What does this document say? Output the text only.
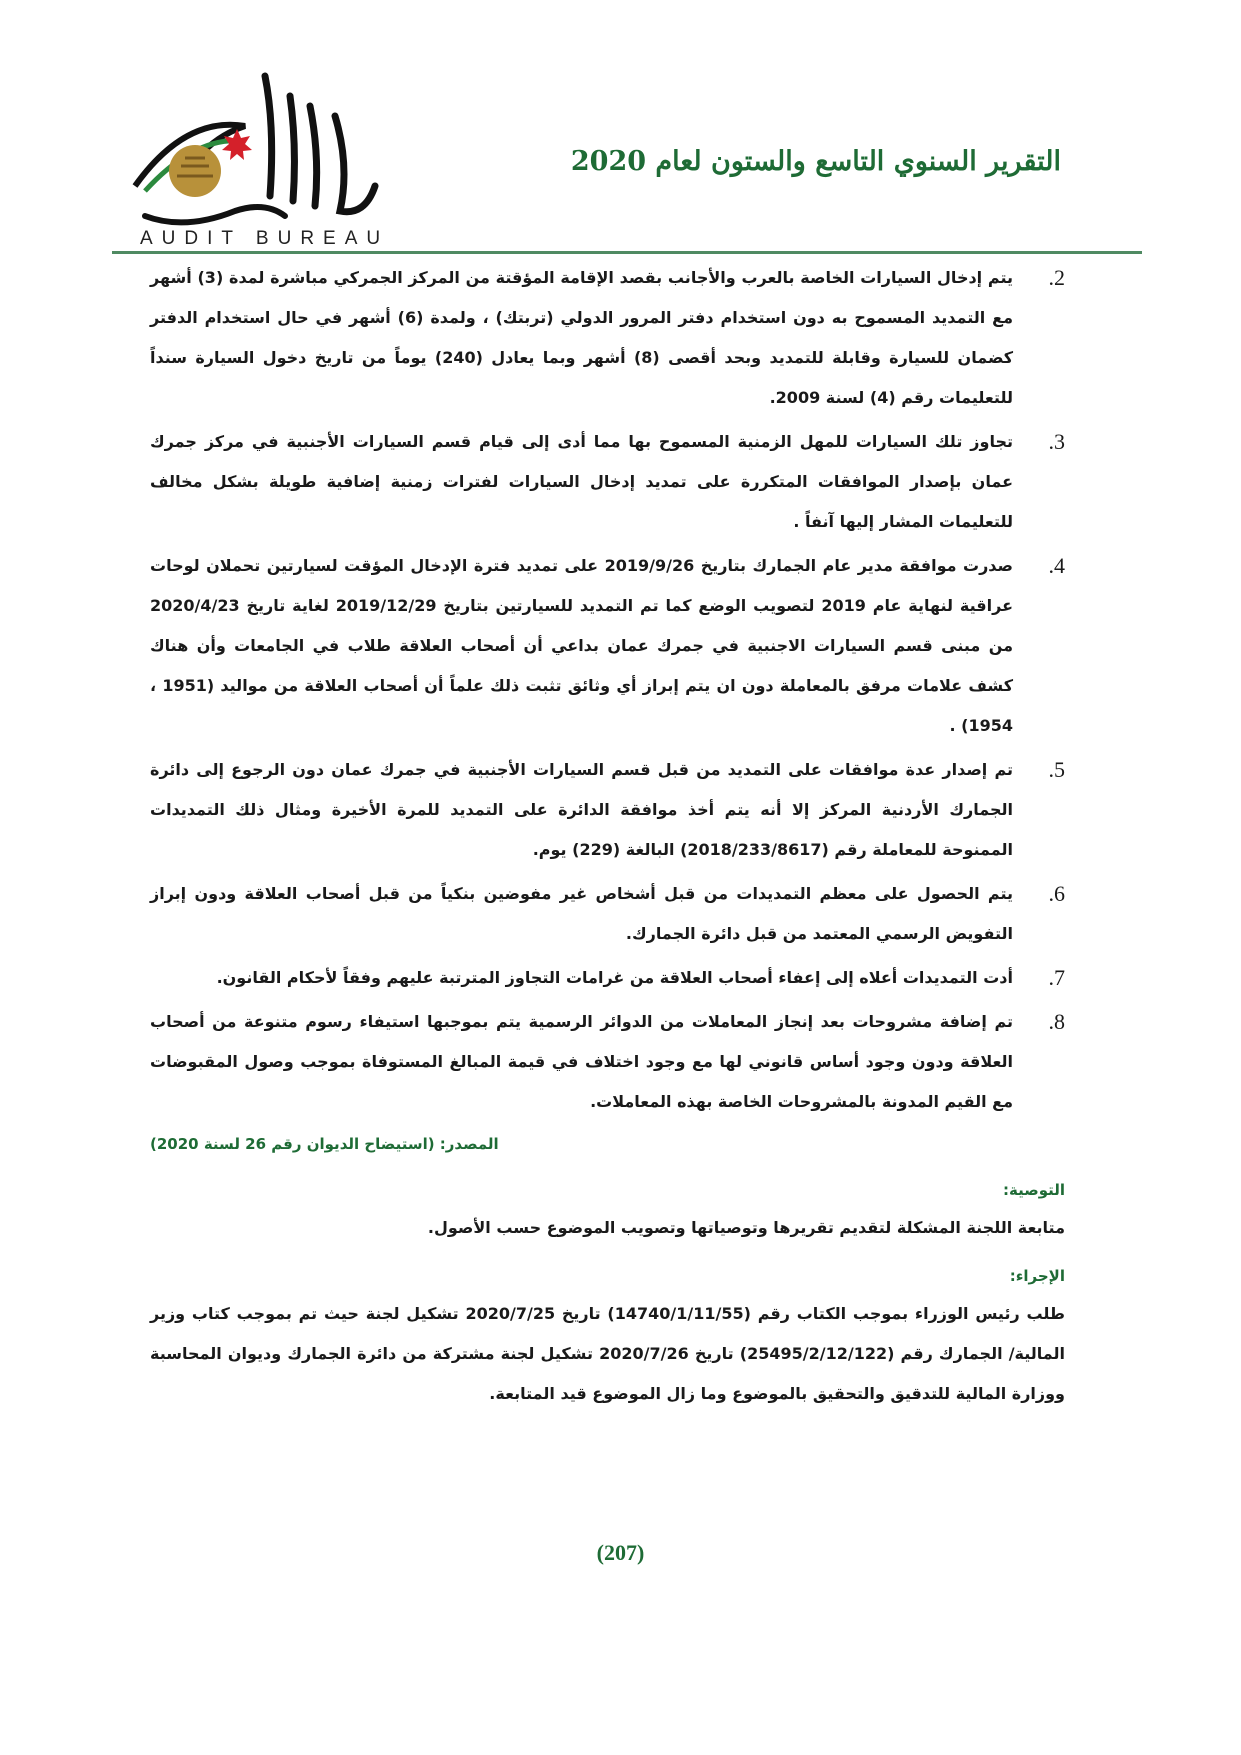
AUDIT BUREAU
التقرير السنوي التاسع والستون لعام 2020
.2
يتم إدخال السيارات الخاصة بالعرب والأجانب بقصد الإقامة المؤقتة من المركز الجمركي مباشرة لمدة (3) أشهر مع التمديد المسموح به دون استخدام دفتر المرور الدولي (تربتك) ، ولمدة (6) أشهر في حال استخدام الدفتر كضمان للسيارة وقابلة للتمديد وبحد أقصى (8) أشهر وبما يعادل (240) يوماً من تاريخ دخول السيارة سنداً للتعليمات رقم (4) لسنة 2009.
.3
تجاوز تلك السيارات للمهل الزمنية المسموح بها مما أدى إلى قيام قسم السيارات الأجنبية في مركز جمرك عمان بإصدار الموافقات المتكررة على تمديد إدخال السيارات لفترات زمنية إضافية طويلة بشكل مخالف للتعليمات المشار إليها آنفاً .
.4
صدرت موافقة مدير عام الجمارك بتاريخ 2019/9/26 على تمديد فترة الإدخال المؤقت لسيارتين تحملان لوحات عراقية لنهاية عام 2019 لتصويب الوضع كما تم التمديد للسيارتين بتاريخ 2019/12/29 لغاية تاريخ 2020/4/23 من مبنى قسم السيارات الاجنبية في جمرك عمان بداعي أن أصحاب العلاقة طلاب في الجامعات وأن هناك كشف علامات مرفق بالمعاملة دون ان يتم إبراز أي وثائق تثبت ذلك علماً أن أصحاب العلاقة من مواليد (1951 ، 1954) .
.5
تم إصدار عدة موافقات على التمديد من قبل قسم السيارات الأجنبية في جمرك عمان دون الرجوع إلى دائرة الجمارك الأردنية المركز إلا أنه يتم أخذ موافقة الدائرة على التمديد للمرة الأخيرة ومثال ذلك التمديدات الممنوحة للمعاملة رقم (2018/233/8617) البالغة (229) يوم.
.6
يتم الحصول على معظم التمديدات من قبل أشخاص غير مفوضين بنكياً من قبل أصحاب العلاقة ودون إبراز التفويض الرسمي المعتمد من قبل دائرة الجمارك.
.7
أدت التمديدات أعلاه إلى إعفاء أصحاب العلاقة من غرامات التجاوز المترتبة عليهم وفقاً لأحكام القانون.
.8
تم إضافة مشروحات بعد إنجاز المعاملات من الدوائر الرسمية يتم بموجبها استيفاء رسوم متنوعة من أصحاب العلاقة ودون وجود أساس قانوني لها مع وجود اختلاف في قيمة المبالغ المستوفاة بموجب وصول المقبوضات مع القيم المدونة بالمشروحات الخاصة بهذه المعاملات.
المصدر: (استيضاح الديوان رقم 26 لسنة 2020)
التوصية:
متابعة اللجنة المشكلة لتقديم تقريرها وتوصياتها وتصويب الموضوع حسب الأصول.
الإجراء:
طلب رئيس الوزراء بموجب الكتاب رقم (14740/1/11/55) تاريخ 2020/7/25 تشكيل لجنة حيث تم بموجب كتاب وزير المالية/ الجمارك رقم (25495/2/12/122) تاريخ 2020/7/26 تشكيل لجنة مشتركة من دائرة الجمارك وديوان المحاسبة ووزارة المالية للتدقيق والتحقيق بالموضوع وما زال الموضوع قيد المتابعة.
(207)
